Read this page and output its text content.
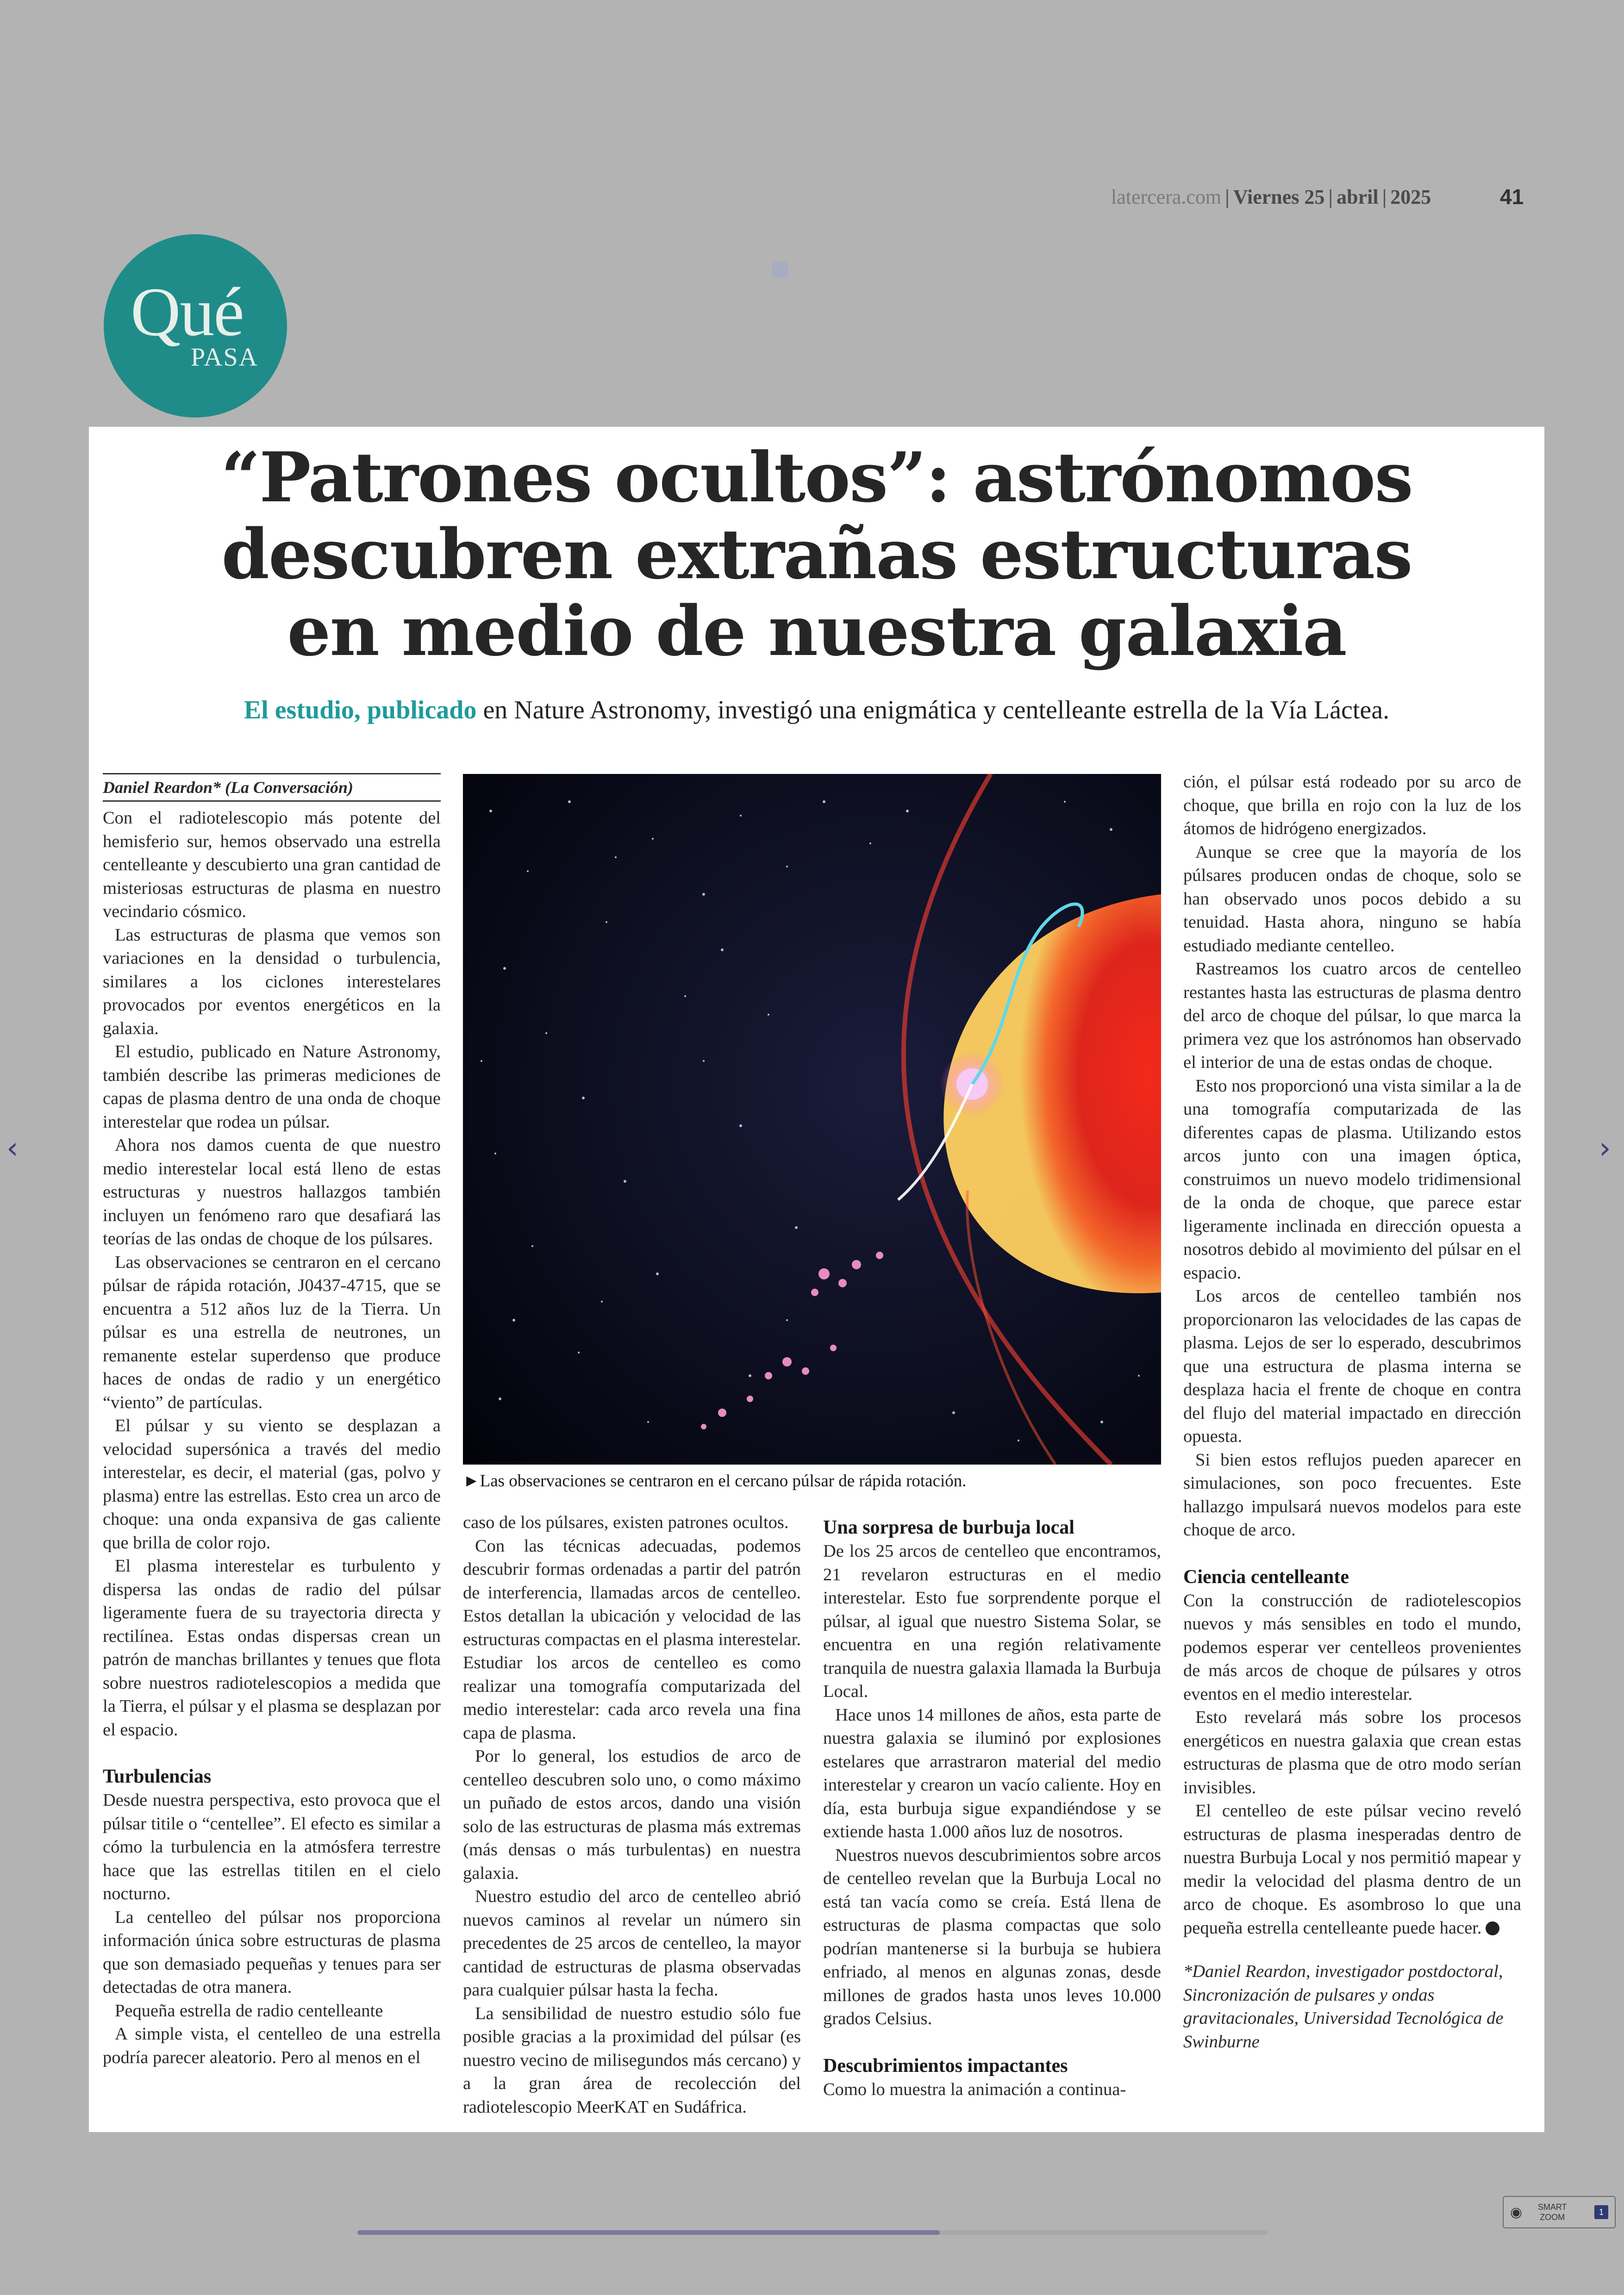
latercera.com | Viernes 25 | abril | 2025	41
Qué
PASA
‹	›
“Patrones ocultos”: astrónomos
descubren extrañas estructuras
en medio de nuestra galaxia
El estudio, publicado en Nature Astronomy, investigó una enigmática y centelleante estrella de la Vía Láctea.
Daniel Reardon* (La Conversación)

Con el radiotelescopio más potente del hemisferio sur, hemos observado una estrella centelleante y descubierto una gran cantidad de misteriosas estructuras de plasma en nuestro vecindario cósmico.

Las estructuras de plasma que vemos son variaciones en la densidad o turbulencia, similares a los ciclones interestelares provocados por eventos energéticos en la galaxia.

El estudio, publicado en Nature Astronomy, también describe las primeras mediciones de capas de plasma dentro de una onda de choque interestelar que rodea un púlsar.

Ahora nos damos cuenta de que nuestro medio interestelar local está lleno de estas estructuras y nuestros hallazgos también incluyen un fenómeno raro que desafiará las teorías de las ondas de choque de los púlsares.

Las observaciones se centraron en el cercano púlsar de rápida rotación, J0437-4715, que se encuentra a 512 años luz de la Tierra. Un púlsar es una estrella de neutrones, un remanente estelar superdenso que produce haces de ondas de radio y un energético “viento” de partículas.

El púlsar y su viento se desplazan a velocidad supersónica a través del medio interestelar, es decir, el material (gas, polvo y plasma) entre las estrellas. Esto crea un arco de choque: una onda expansiva de gas caliente que brilla de color rojo.

El plasma interestelar es turbulento y dispersa las ondas de radio del púlsar ligeramente fuera de su trayectoria directa y rectilínea. Estas ondas dispersas crean un patrón de manchas brillantes y tenues que flota sobre nuestros radiotelescopios a medida que la Tierra, el púlsar y el plasma se desplazan por el espacio.

Turbulencias

Desde nuestra perspectiva, esto provoca que el púlsar titile o “centellee”. El efecto es similar a cómo la turbulencia en la atmósfera terrestre hace que las estrellas titilen en el cielo nocturno.

La centelleo del púlsar nos proporciona información única sobre estructuras de plasma que son demasiado pequeñas y tenues para ser detectadas de otra manera.

Pequeña estrella de radio centelleante

A simple vista, el centelleo de una estrella podría parecer aleatorio. Pero al menos en el

►Las observaciones se centraron en el cercano púlsar de rápida rotación.

caso de los púlsares, existen patrones ocultos.

Con las técnicas adecuadas, podemos descubrir formas ordenadas a partir del patrón de interferencia, llamadas arcos de centelleo. Estos detallan la ubicación y velocidad de las estructuras compactas en el plasma interestelar. Estudiar los arcos de centelleo es como realizar una tomografía computarizada del medio interestelar: cada arco revela una fina capa de plasma.

Por lo general, los estudios de arco de centelleo descubren solo uno, o como máximo un puñado de estos arcos, dando una visión solo de las estructuras de plasma más extremas (más densas o más turbulentas) en nuestra galaxia.

Nuestro estudio del arco de centelleo abrió nuevos caminos al revelar un número sin precedentes de 25 arcos de centelleo, la mayor cantidad de estructuras de plasma observadas para cualquier púlsar hasta la fecha.

La sensibilidad de nuestro estudio sólo fue posible gracias a la proximidad del púlsar (es nuestro vecino de milisegundos más cercano) y a la gran área de recolección del radiotelescopio MeerKAT en Sudáfrica.

Una sorpresa de burbuja local

De los 25 arcos de centelleo que encontramos, 21 revelaron estructuras en el medio interestelar. Esto fue sorprendente porque el púlsar, al igual que nuestro Sistema Solar, se encuentra en una región relativamente tranquila de nuestra galaxia llamada la Burbuja Local.

Hace unos 14 millones de años, esta parte de nuestra galaxia se iluminó por explosiones estelares que arrastraron material del medio interestelar y crearon un vacío caliente. Hoy en día, esta burbuja sigue expandiéndose y se extiende hasta 1.000 años luz de nosotros.

Nuestros nuevos descubrimientos sobre arcos de centelleo revelan que la Burbuja Local no está tan vacía como se creía. Está llena de estructuras de plasma compactas que solo podrían mantenerse si la burbuja se hubiera enfriado, al menos en algunas zonas, desde millones de grados hasta unos leves 10.000 grados Celsius.

Descubrimientos impactantes

Como lo muestra la animación a continua-

ción, el púlsar está rodeado por su arco de choque, que brilla en rojo con la luz de los átomos de hidrógeno energizados.

Aunque se cree que la mayoría de los púlsares producen ondas de choque, solo se han observado unos pocos debido a su tenuidad. Hasta ahora, ninguno se había estudiado mediante centelleo.

Rastreamos los cuatro arcos de centelleo restantes hasta las estructuras de plasma dentro del arco de choque del púlsar, lo que marca la primera vez que los astrónomos han observado el interior de una de estas ondas de choque.

Esto nos proporcionó una vista similar a la de una tomografía computarizada de las diferentes capas de plasma. Utilizando estos arcos junto con una imagen óptica, construimos un nuevo modelo tridimensional de la onda de choque, que parece estar ligeramente inclinada en dirección opuesta a nosotros debido al movimiento del púlsar en el espacio.

Los arcos de centelleo también nos proporcionaron las velocidades de las capas de plasma. Lejos de ser lo esperado, descubrimos que una estructura de plasma interna se desplaza hacia el frente de choque en contra del flujo del material impactado en dirección opuesta.

Si bien estos reflujos pueden aparecer en simulaciones, son poco frecuentes. Este hallazgo impulsará nuevos modelos para este choque de arco.

Ciencia centelleante

Con la construcción de radiotelescopios nuevos y más sensibles en todo el mundo, podemos esperar ver centelleos provenientes de más arcos de choque de púlsares y otros eventos en el medio interestelar.

Esto revelará más sobre los procesos energéticos en nuestra galaxia que crean estas estructuras de plasma que de otro modo serían invisibles.

El centelleo de este púlsar vecino reveló estructuras de plasma inesperadas dentro de nuestra Burbuja Local y nos permitió mapear y medir la velocidad del plasma dentro de un arco de choque. Es asombroso lo que una pequeña estrella centelleante puede hacer.

*Daniel Reardon, investigador postdoctoral, Sincronización de pulsares y ondas gravitacionales, Universidad Tecnológica de Swinburne

◉	SMART
ZOOM
1
